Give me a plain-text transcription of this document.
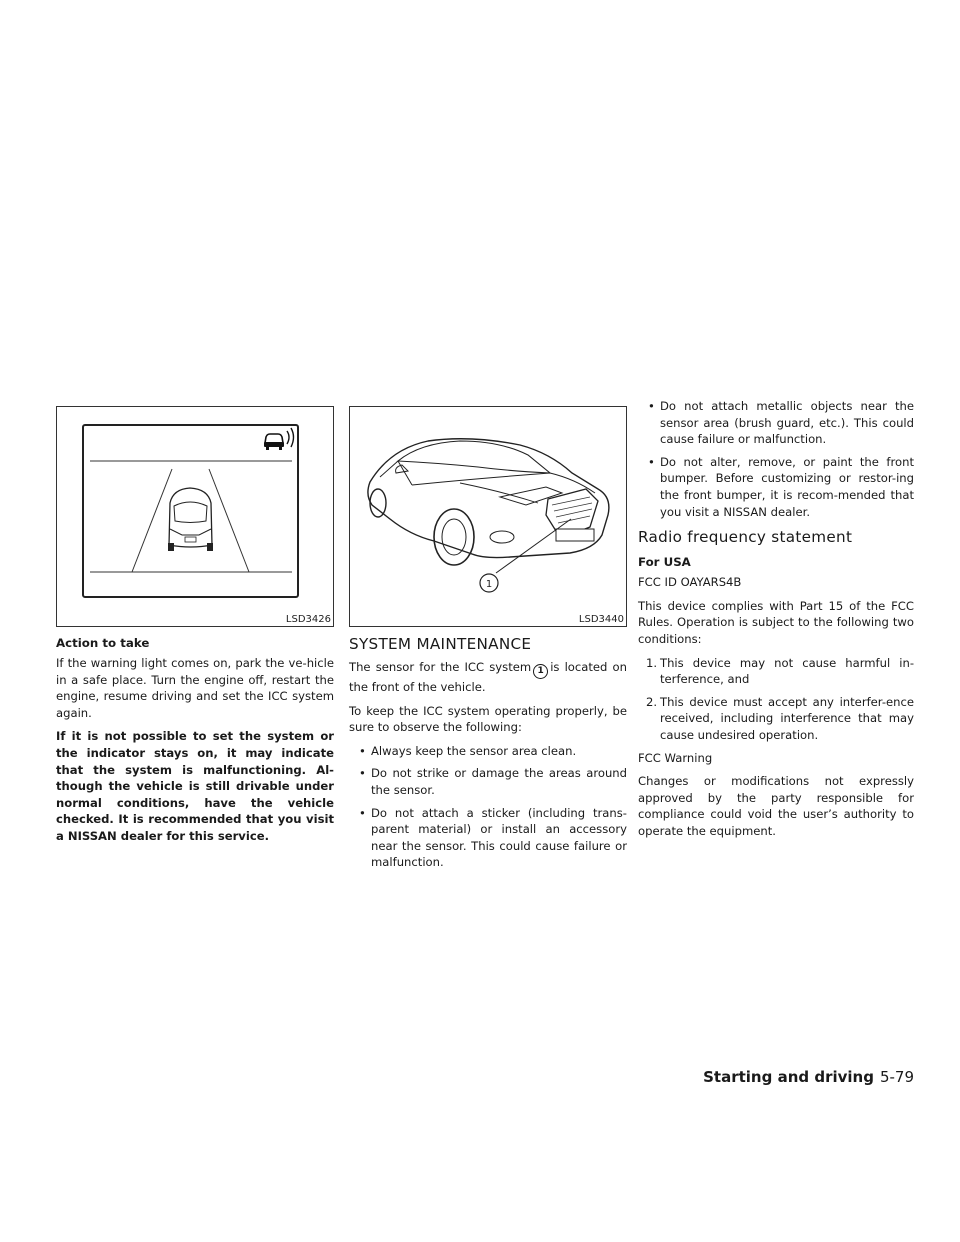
LSD3426
Action to take

If the warning light comes on, park the ve-hicle in a safe place. Turn the engine off, restart the engine, resume driving and set the ICC system again.

If it is not possible to set the system or the indicator stays on, it may indicate that the system is malfunctioning. Al-though the vehicle is still drivable under normal conditions, have the vehicle checked. It is recommended that you visit a NISSAN dealer for this service.

1
LSD3440
SYSTEM MAINTENANCE

The sensor for the ICC system 1 is located on the front of the vehicle.

To keep the ICC system operating properly, be sure to observe the following:

• Always keep the sensor area clean.
• Do not strike or damage the areas around the sensor.
• Do not attach a sticker (including trans-parent material) or install an accessory near the sensor. This could cause failure or malfunction.
• Do not attach metallic objects near the sensor area (brush guard, etc.). This could cause failure or malfunction.
• Do not alter, remove, or paint the front bumper. Before customizing or restor-ing the front bumper, it is recom-mended that you visit a NISSAN dealer.
Radio frequency statement
For USA

FCC ID OAYARS4B

This device complies with Part 15 of the FCC Rules. Operation is subject to the following two conditions:

1. This device may not cause harmful in-terference, and
2. This device must accept any interfer-ence received, including interference that may cause undesired operation.

FCC Warning

Changes or modifications not expressly approved by the party responsible for compliance could void the user’s authority to operate the equipment.

Starting and driving 5-79
